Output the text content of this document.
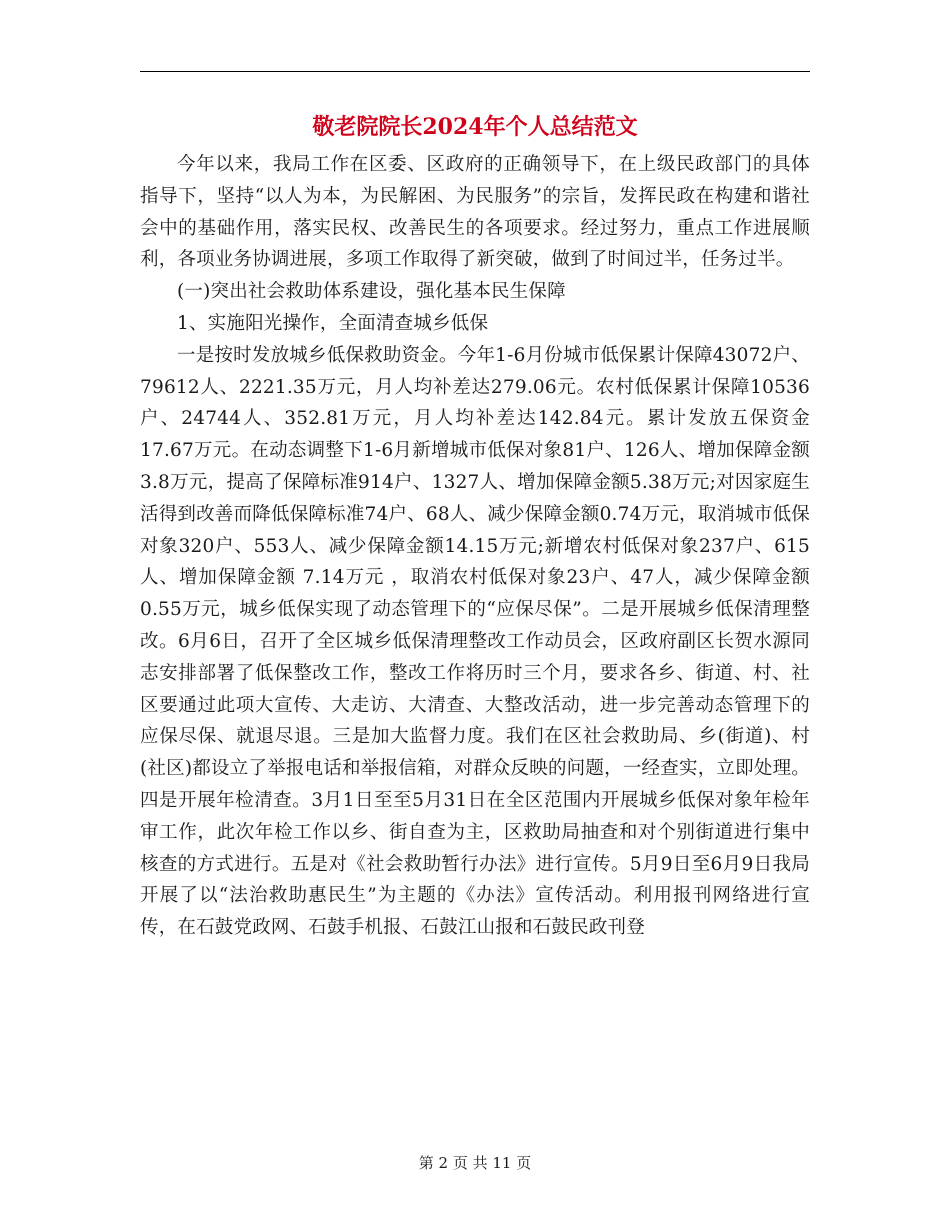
敬老院院长2024年个人总结范文

今年以来，我局工作在区委、区政府的正确领导下，在上级民政部门的具体指导下，坚持“以人为本，为民解困、为民服务”的宗旨，发挥民政在构建和谐社会中的基础作用，落实民权、改善民生的各项要求。经过努力，重点工作进展顺利，各项业务协调进展，多项工作取得了新突破，做到了时间过半，任务过半。

(一)突出社会救助体系建设，强化基本民生保障

1、实施阳光操作，全面清查城乡低保

一是按时发放城乡低保救助资金。今年1-6月份城市低保累计保障43072户、79612人、2221.35万元，月人均补差达279.06元。农村低保累计保障10536户、24744人、352.81万元，月人均补差达142.84元。累计发放五保资金17.67万元。在动态调整下1-6月新增城市低保对象81户、126人、增加保障金额3.8万元，提高了保障标准914户、1327人、增加保障金额5.38万元;对因家庭生活得到改善而降低保障标准74户、68人、减少保障金额0.74万元，取消城市低保对象320户、553人、减少保障金额14.15万元;新增农村低保对象237户、615人、增加保障金额 7.14万元 ，取消农村低保对象23户、47人，减少保障金额 0.55万元，城乡低保实现了动态管理下的“应保尽保”。二是开展城乡低保清理整改。6月6日，召开了全区城乡低保清理整改工作动员会，区政府副区长贺水源同志安排部署了低保整改工作，整改工作将历时三个月，要求各乡、街道、村、社区要通过此项大宣传、大走访、大清查、大整改活动，进一步完善动态管理下的应保尽保、就退尽退。三是加大监督力度。我们在区社会救助局、乡(街道)、村(社区)都设立了举报电话和举报信箱，对群众反映的问题，一经查实，立即处理。四是开展年检清查。3月1日至至5月31日在全区范围内开展城乡低保对象年检年审工作，此次年检工作以乡、街自查为主，区救助局抽查和对个别街道进行集中核查的方式进行。五是对《社会救助暂行办法》进行宣传。5月9日至6月9日我局开展了以“法治救助惠民生”为主题的《办法》宣传活动。利用报刊网络进行宣传，在石鼓党政网、石鼓手机报、石鼓江山报和石鼓民政刊登

第 2 页 共 11 页
